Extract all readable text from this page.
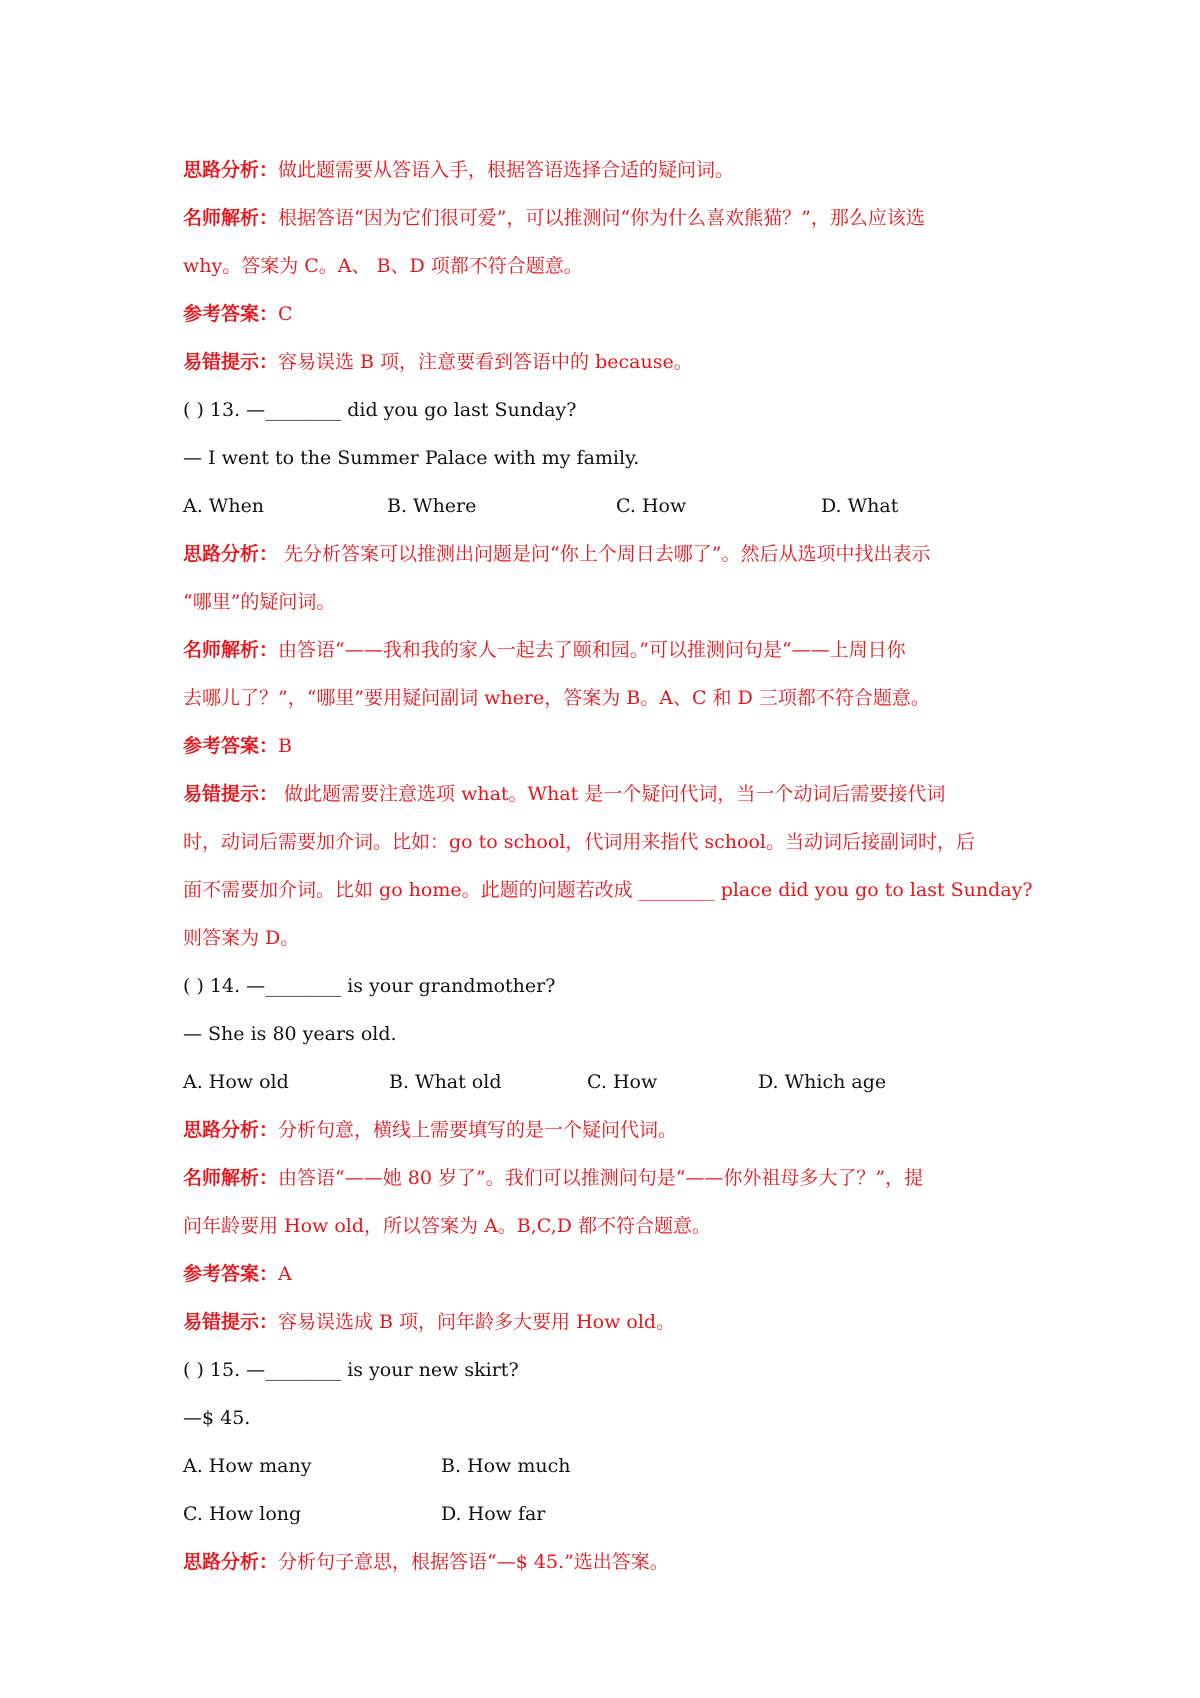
思路分析：做此题需要从答语入手，根据答语选择合适的疑问词。
名师解析：根据答语“因为它们很可爱”，可以推测问“你为什么喜欢熊猫？”，那么应该选
why。答案为 C。A、 B、D 项都不符合题意。
参考答案：C
易错提示：容易误选 B 项，注意要看到答语中的 because。
( ) 13. —________ did you go last Sunday?
— I went to the Summer Palace with my family.
A. When	B. Where	C. How	D. What
思路分析： 先分析答案可以推测出问题是问“你上个周日去哪了”。然后从选项中找出表示
“哪里”的疑问词。
名师解析：由答语“——我和我的家人一起去了颐和园。”可以推测问句是“——上周日你
去哪儿了？”，“哪里”要用疑问副词 where，答案为 B。A、C 和 D 三项都不符合题意。
参考答案：B
易错提示： 做此题需要注意选项 what。What 是一个疑问代词，当一个动词后需要接代词
时，动词后需要加介词。比如：go to school，代词用来指代 school。当动词后接副词时，后
面不需要加介词。比如 go home。此题的问题若改成 ________ place did you go to last Sunday?
则答案为 D。
( ) 14. —________ is your grandmother?
— She is 80 years old.
A. How old	B. What old	C. How	D. Which age
思路分析：分析句意，横线上需要填写的是一个疑问代词。
名师解析：由答语“——她 80 岁了”。我们可以推测问句是“——你外祖母多大了？”，提
问年龄要用 How old，所以答案为 A。B,C,D 都不符合题意。
参考答案：A
易错提示：容易误选成 B 项，问年龄多大要用 How old。
( ) 15. —________ is your new skirt?
—$ 45.
A. How many	B. How much
C. How long	D. How far
思路分析：分析句子意思，根据答语“—$ 45.”选出答案。
